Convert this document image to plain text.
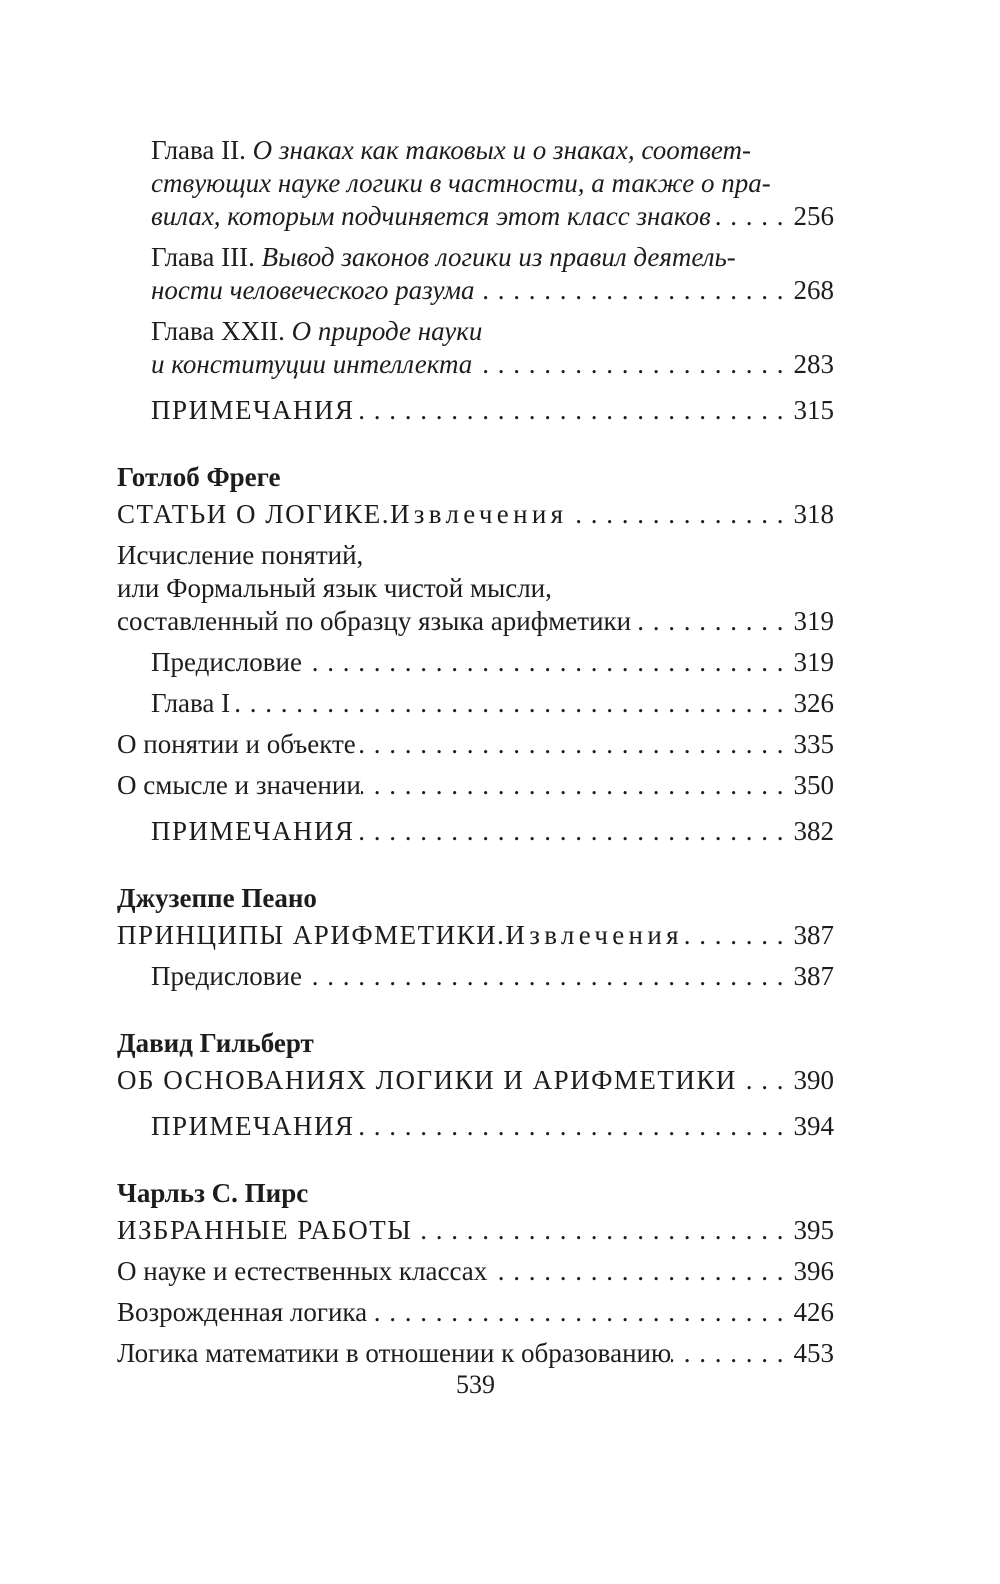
Глава II. О знаках как таковых и о знаках, соответ-
ствующих науке логики в частности, а также о пра-
вилах, которым подчиняется этот класс знаков . . .	256
Глава III. Вывод законов логики из правил деятель-
ности человеческого разума . . .	268
Глава XXII. О природе науки
и конституции интеллекта . . .	283
ПРИМЕЧАНИЯ . . .	315
Готлоб Фреге
СТАТЬИ О ЛОГИКЕ. Извлечения . . .	318
Исчисление понятий,
или Формальный язык чистой мысли,
составленный по образцу языка арифметики . . .	319
Предисловие . . .	319
Глава I . . .	326
О понятии и объекте . . .	335
О смысле и значении . . .	350
ПРИМЕЧАНИЯ . . .	382
Джузеппе Пеано
ПРИНЦИПЫ АРИФМЕТИКИ. Извлечения . . .	387
Предисловие . . .	387
Давид Гильберт
ОБ ОСНОВАНИЯХ ЛОГИКИ И АРИФМЕТИКИ . . . 390
ПРИМЕЧАНИЯ . . .	394
Чарльз С. Пирс
ИЗБРАННЫЕ РАБОТЫ . . .	395
О науке и естественных классах . . .	396
Возрожденная логика . . .	426
Логика математики в отношении к образованию . . .	453
539
